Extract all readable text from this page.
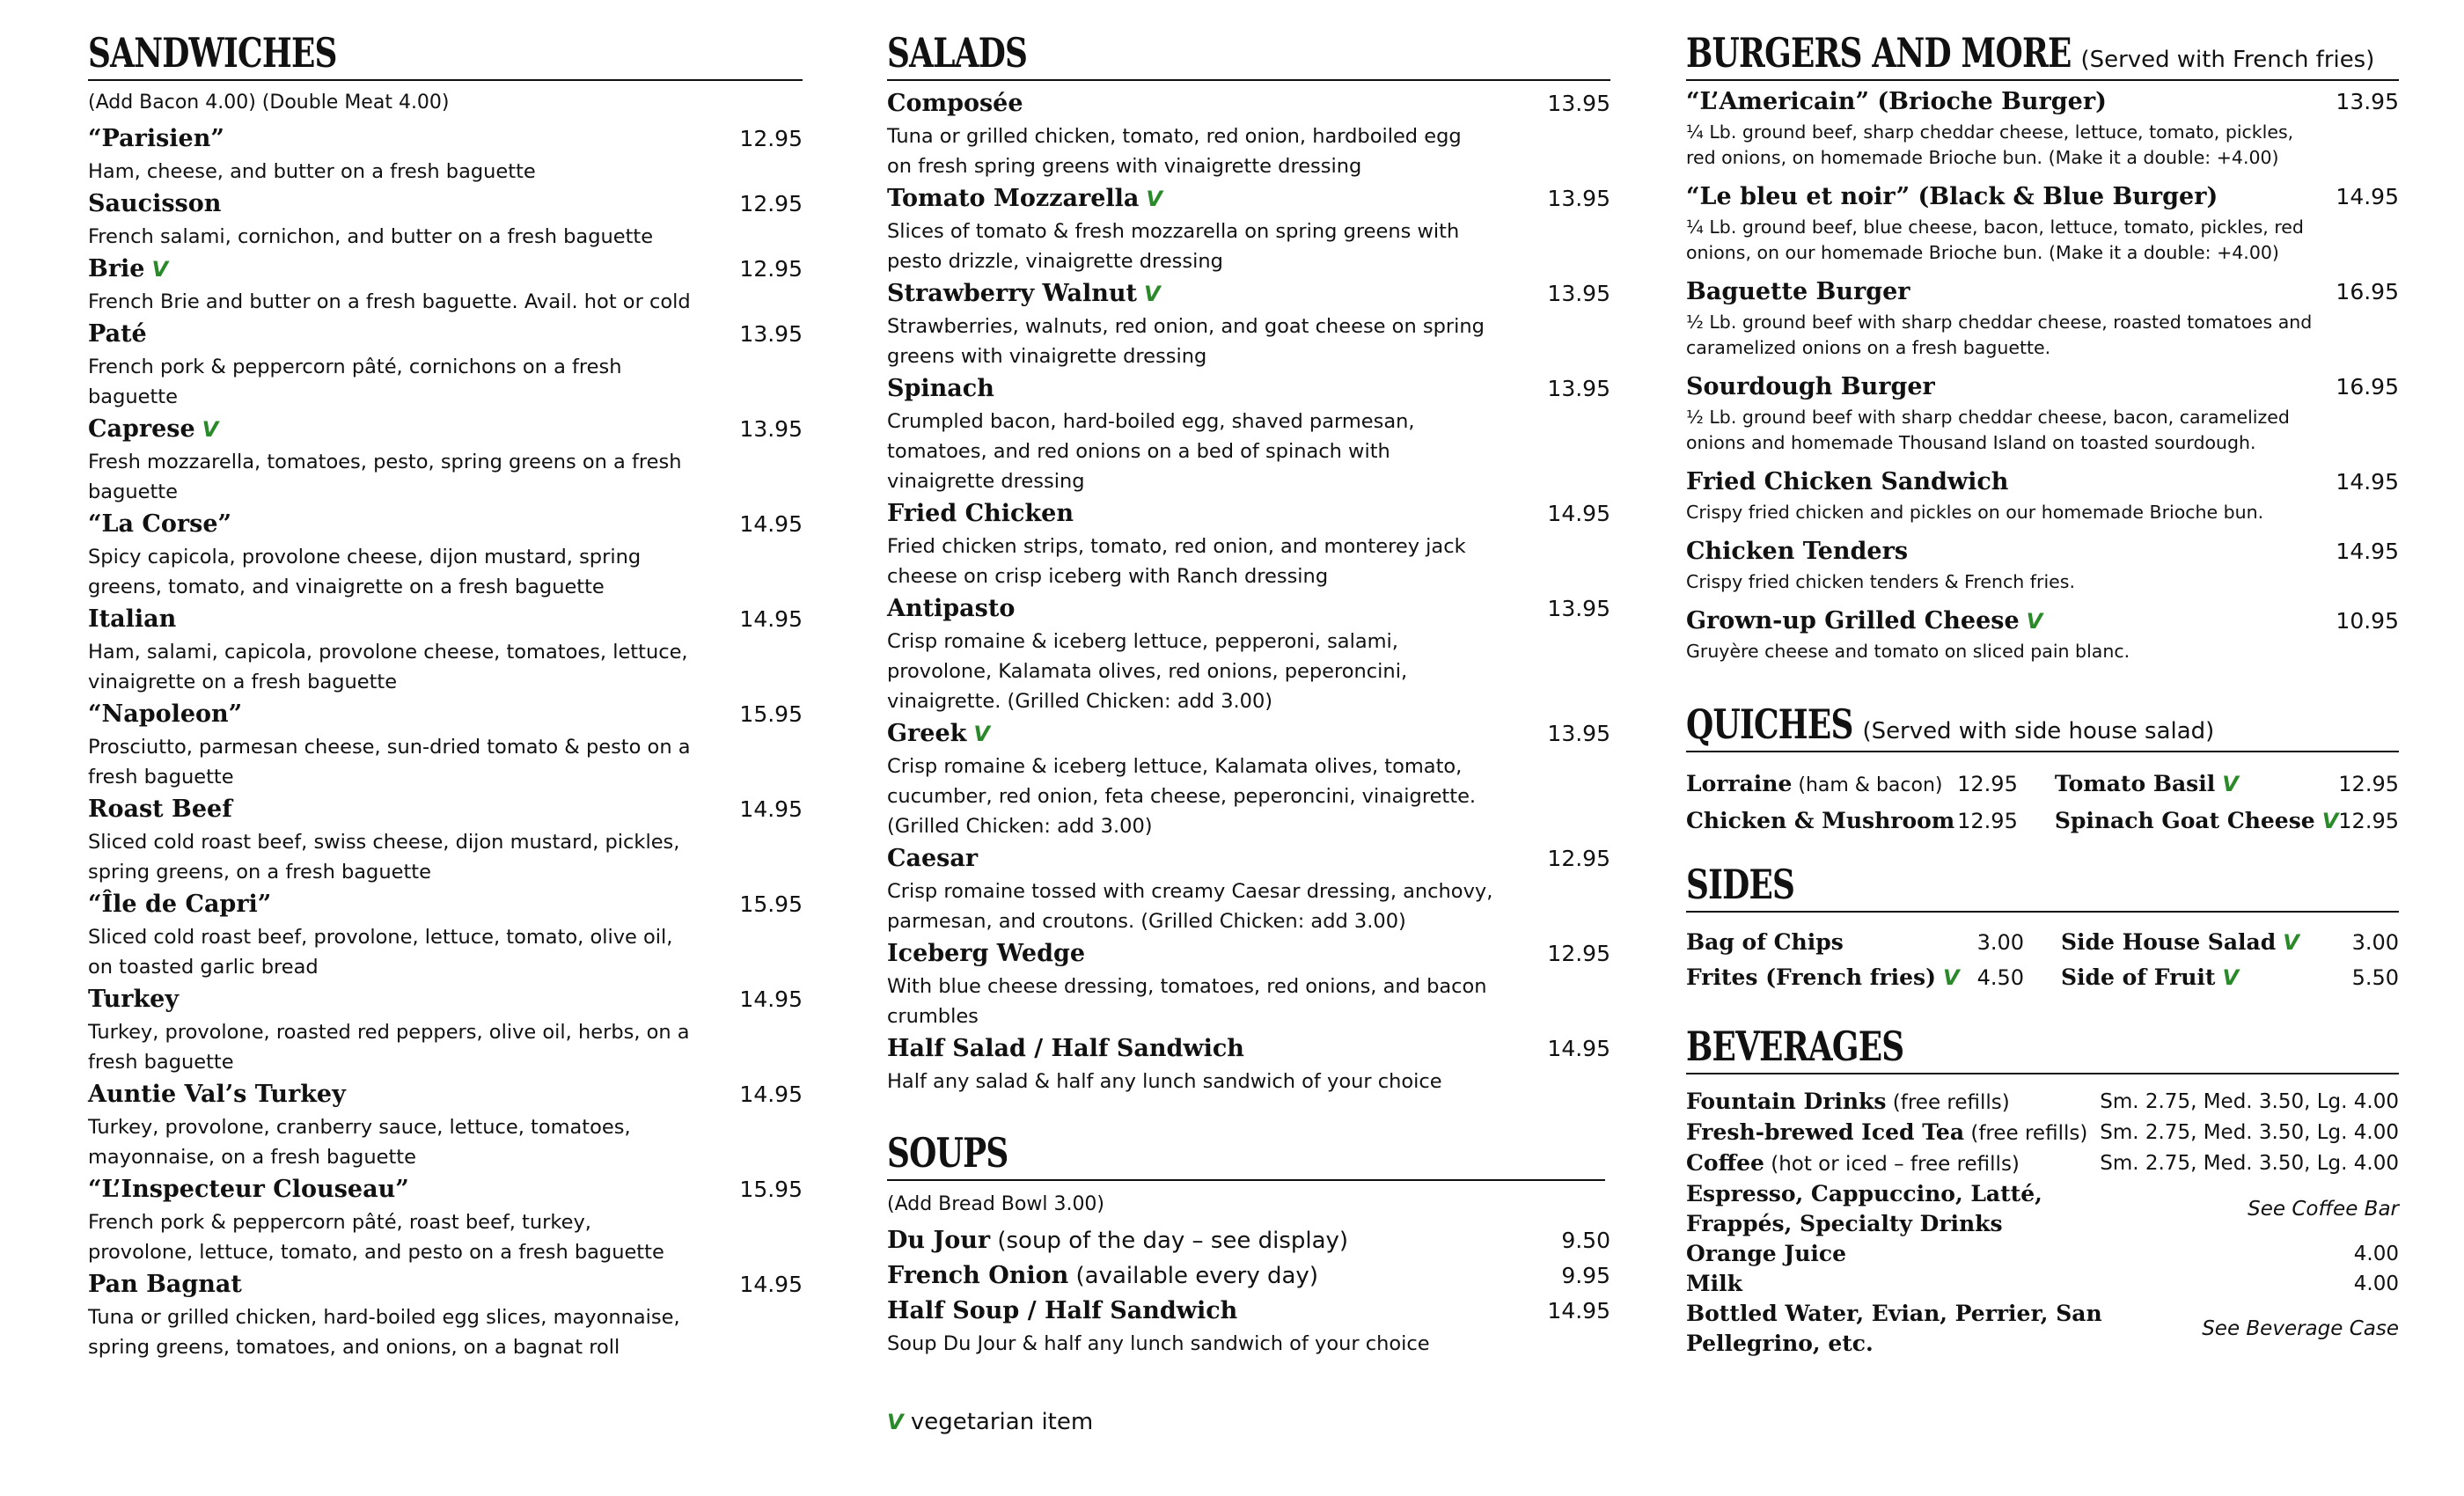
SANDWICHES
(Add Bacon 4.00) (Double Meat 4.00)
“Parisien”	12.95
Ham, cheese, and butter on a fresh baguette
Saucisson	12.95
French salami, cornichon, and butter on a fresh baguette
Brie V	12.95
French Brie and butter on a fresh baguette. Avail. hot or cold
Paté	13.95
French pork & peppercorn pâté, cornichons on a fresh
baguette
Caprese V	13.95
Fresh mozzarella, tomatoes, pesto, spring greens on a fresh
baguette
“La Corse”	14.95
Spicy capicola, provolone cheese, dijon mustard, spring
greens, tomato, and vinaigrette on a fresh baguette
Italian	14.95
Ham, salami, capicola, provolone cheese, tomatoes, lettuce,
vinaigrette on a fresh baguette
“Napoleon”	15.95
Prosciutto, parmesan cheese, sun-dried tomato & pesto on a
fresh baguette
Roast Beef	14.95
Sliced cold roast beef, swiss cheese, dijon mustard, pickles,
spring greens, on a fresh baguette
“Île de Capri”	15.95
Sliced cold roast beef, provolone, lettuce, tomato, olive oil,
on toasted garlic bread
Turkey	14.95
Turkey, provolone, roasted red peppers, olive oil, herbs, on a
fresh baguette
Auntie Val’s Turkey	14.95
Turkey, provolone, cranberry sauce, lettuce, tomatoes,
mayonnaise, on a fresh baguette
“L’Inspecteur Clouseau”	15.95
French pork & peppercorn pâté, roast beef, turkey,
provolone, lettuce, tomato, and pesto on a fresh baguette
Pan Bagnat	14.95
Tuna or grilled chicken, hard-boiled egg slices, mayonnaise,
spring greens, tomatoes, and onions, on a bagnat roll
SALADS
Composée	13.95
Tuna or grilled chicken, tomato, red onion, hardboiled egg
on fresh spring greens with vinaigrette dressing
Tomato Mozzarella V	13.95
Slices of tomato & fresh mozzarella on spring greens with
pesto drizzle, vinaigrette dressing
Strawberry Walnut V	13.95
Strawberries, walnuts, red onion, and goat cheese on spring
greens with vinaigrette dressing
Spinach	13.95
Crumpled bacon, hard-boiled egg, shaved parmesan,
tomatoes, and red onions on a bed of spinach with
vinaigrette dressing
Fried Chicken	14.95
Fried chicken strips, tomato, red onion, and monterey jack
cheese on crisp iceberg with Ranch dressing
Antipasto	13.95
Crisp romaine & iceberg lettuce, pepperoni, salami,
provolone, Kalamata olives, red onions, peperoncini,
vinaigrette. (Grilled Chicken: add 3.00)
Greek V	13.95
Crisp romaine & iceberg lettuce, Kalamata olives, tomato,
cucumber, red onion, feta cheese, peperoncini, vinaigrette.
(Grilled Chicken: add 3.00)
Caesar	12.95
Crisp romaine tossed with creamy Caesar dressing, anchovy,
parmesan, and croutons. (Grilled Chicken: add 3.00)
Iceberg Wedge	12.95
With blue cheese dressing, tomatoes, red onions, and bacon
crumbles
Half Salad / Half Sandwich	14.95
Half any salad & half any lunch sandwich of your choice
SOUPS
(Add Bread Bowl 3.00)
Du Jour (soup of the day – see display)	9.50
French Onion (available every day)	9.95
Half Soup / Half Sandwich	14.95
Soup Du Jour & half any lunch sandwich of your choice
V vegetarian item
BURGERS AND MORE (Served with French fries)
“L’Americain” (Brioche Burger)	13.95
¼ Lb. ground beef, sharp cheddar cheese, lettuce, tomato, pickles,
red onions, on homemade Brioche bun. (Make it a double: +4.00)
“Le bleu et noir” (Black & Blue Burger)	14.95
¼ Lb. ground beef, blue cheese, bacon, lettuce, tomato, pickles, red
onions, on our homemade Brioche bun. (Make it a double: +4.00)
Baguette Burger	16.95
½ Lb. ground beef with sharp cheddar cheese, roasted tomatoes and
caramelized onions on a fresh baguette.
Sourdough Burger	16.95
½ Lb. ground beef with sharp cheddar cheese, bacon, caramelized
onions and homemade Thousand Island on toasted sourdough.
Fried Chicken Sandwich	14.95
Crispy fried chicken and pickles on our homemade Brioche bun.
Chicken Tenders	14.95
Crispy fried chicken tenders & French fries.
Grown-up Grilled Cheese V	10.95
Gruyère cheese and tomato on sliced pain blanc.
QUICHES (Served with side house salad)
Lorraine (ham & bacon) 12.95 Tomato Basil V	12.95
Chicken & Mushroom 12.95 Spinach Goat Cheese V 12.95
SIDES
Bag of Chips	3.00 Side House Salad V 3.00
Frites (French fries) V 4.50 Side of Fruit V	5.50
BEVERAGES
Fountain Drinks (free refills)	Sm. 2.75, Med. 3.50, Lg. 4.00
Fresh-brewed Iced Tea (free refills) Sm. 2.75, Med. 3.50, Lg. 4.00
Coffee (hot or iced – free refills)	Sm. 2.75, Med. 3.50, Lg. 4.00
Espresso, Cappuccino, Latté,
Frappés, Specialty Drinks
See Coffee Bar
Orange Juice	4.00
Milk	4.00
Bottled Water, Evian, Perrier, San
Pellegrino, etc.
See Beverage Case
